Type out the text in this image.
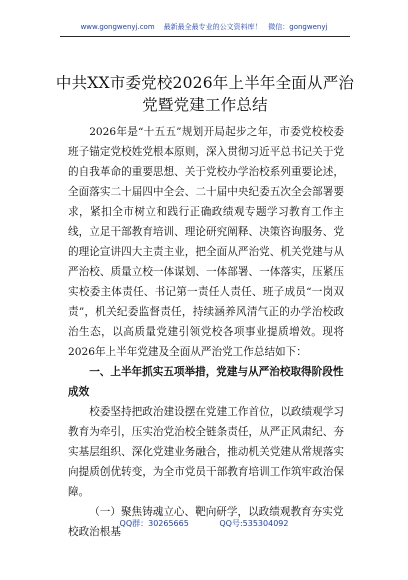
www.gongwenyj.com 最新最全最专业的公文资料库！ 微信：gongwenyj
中共XX市委党校2026年上半年全面从严治
党暨党建工作总结

2026年是“十五五”规划开局起步之年，市委党校校委班子锚定党校姓党根本原则，深入贯彻习近平总书记关于党的自我革命的重要思想、关于党校办学治校系列重要论述，全面落实二十届四中全会、二十届中央纪委五次全会部署要求，紧扣全市树立和践行正确政绩观专题学习教育工作主线，立足干部教育培训、理论研究阐释、决策咨询服务、党的理论宣讲四大主责主业，把全面从严治党、机关党建与从严治校、质量立校一体谋划、一体部署、一体落实，压紧压实校委主体责任、书记第一责任人责任、班子成员“一岗双责”，机关纪委监督责任，持续涵养风清气正的办学治校政治生态，以高质量党建引领党校各项事业提质增效。现将2026年上半年党建及全面从严治党工作总结如下：

一、上半年抓实五项举措，党建与从严治校取得阶段性成效

校委坚持把政治建设摆在党建工作首位，以政绩观学习教育为牵引，压实治党治校全链条责任，从严正风肃纪、夯实基层组织、深化党建业务融合，推动机关党建从常规落实向提质创优转变，为全市党员干部教育培训工作筑牢政治保障。

（一）聚焦铸魂立心、靶向研学，以政绩观教育夯实党校政治根基

QQ群：30265665	QQ号:535304092
